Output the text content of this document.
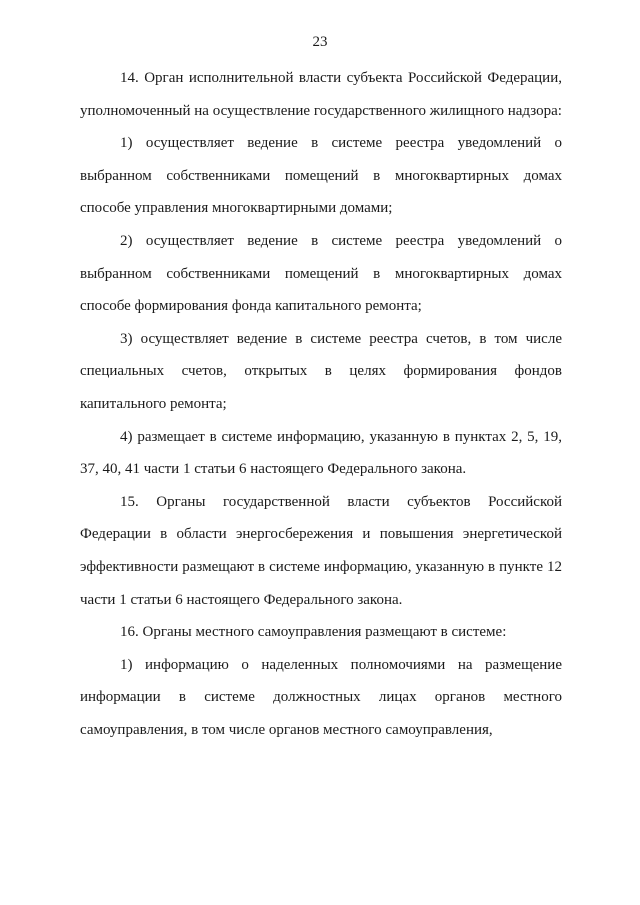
23

14. Орган исполнительной власти субъекта Российской Федерации, уполномоченный на осуществление государственного жилищного надзора:

1) осуществляет ведение в системе реестра уведомлений о выбранном собственниками помещений в многоквартирных домах способе управления многоквартирными домами;

2) осуществляет ведение в системе реестра уведомлений о выбранном собственниками помещений в многоквартирных домах способе формирования фонда капитального ремонта;

3) осуществляет ведение в системе реестра счетов, в том числе специальных счетов, открытых в целях формирования фондов капитального ремонта;

4) размещает в системе информацию, указанную в пунктах 2, 5, 19, 37, 40, 41 части 1 статьи 6 настоящего Федерального закона.

15. Органы государственной власти субъектов Российской Федерации в области энергосбережения и повышения энергетической эффективности размещают в системе информацию, указанную в пункте 12 части 1 статьи 6 настоящего Федерального закона.

16. Органы местного самоуправления размещают в системе:

1) информацию о наделенных полномочиями на размещение информации в системе должностных лицах органов местного самоуправления, в том числе органов местного самоуправления,
